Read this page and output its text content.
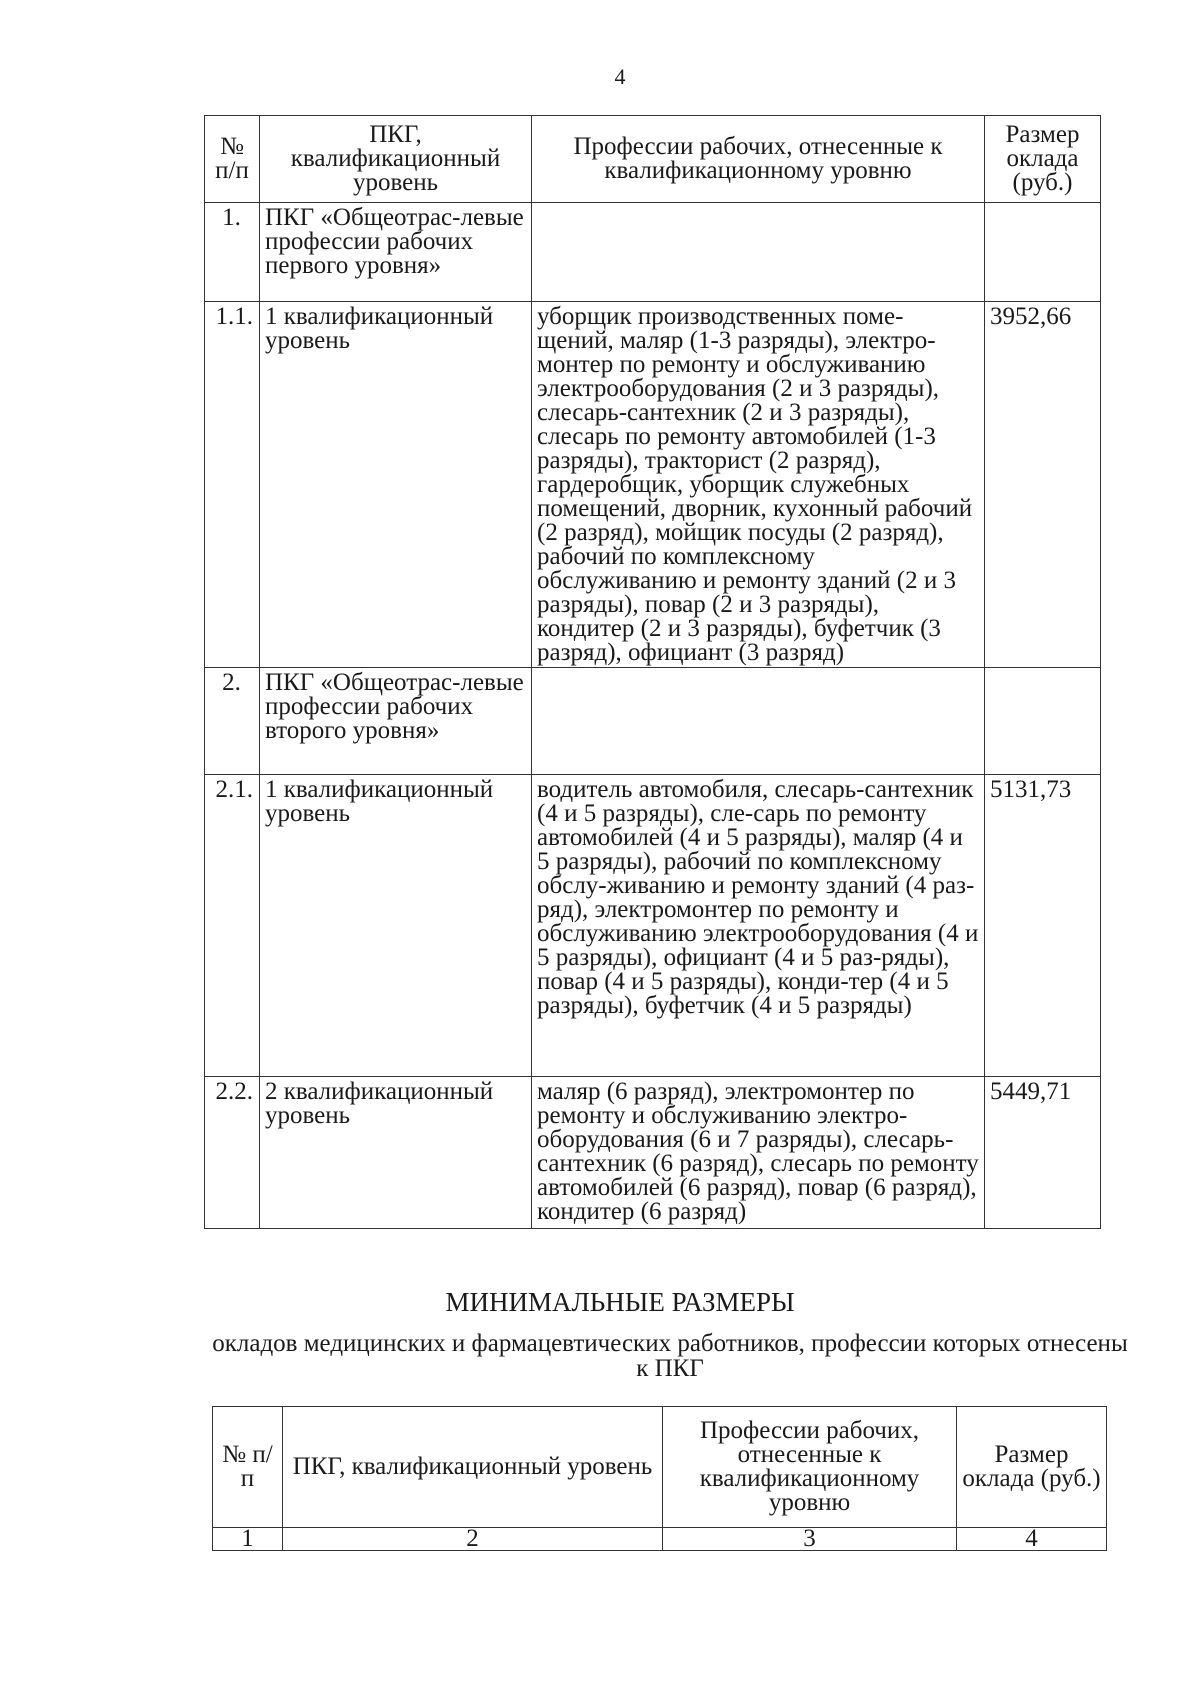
4
№ п/п	ПКГ, квалификационный уровень	Профессии рабочих, отнесенные к квалификационному уровню	Размер оклада (руб.)
1.	ПКГ «Общеотрас-левые профессии рабочих первого уровня»		
1.1.	1 квалификационный уровень	уборщик производственных поме-щений, маляр (1-3 разряды), электро-монтер по ремонту и обслуживанию электрооборудования (2 и 3 разряды), слесарь-сантехник (2 и 3 разряды), слесарь по ремонту автомобилей (1-3 разряды), тракторист (2 разряд), гардеробщик, уборщик служебных помещений, дворник, кухонный рабочий (2 разряд), мойщик посуды (2 разряд), рабочий по комплексному обслуживанию и ремонту зданий (2 и 3 разряды), повар (2 и 3 разряды), кондитер (2 и 3 разряды), буфетчик (3 разряд), официант (3 разряд)	3952,66
2.	ПКГ «Общеотрас-левые профессии рабочих второго уровня»		
2.1.	1 квалификационный уровень	водитель автомобиля, слесарь-сантехник (4 и 5 разряды), сле-сарь по ремонту автомобилей (4 и 5 разряды), маляр (4 и 5 разряды), рабочий по комплексному обслу-живанию и ремонту зданий (4 раз-ряд), электромонтер по ремонту и обслуживанию электрооборудования (4 и 5 разряды), официант (4 и 5 раз-ряды), повар (4 и 5 разряды), конди-тер (4 и 5 разряды), буфетчик (4 и 5 разряды)	5131,73
2.2.	2 квалификационный уровень	маляр (6 разряд), электромонтер по ремонту и обслуживанию электро-оборудования (6 и 7 разряды), слесарь-сантехник (6 разряд), слесарь по ремонту автомобилей (6 разряд), повар (6 разряд), кондитер (6 разряд)	5449,71
МИНИМАЛЬНЫЕ РАЗМЕРЫ
окладов медицинских и фармацевтических работников, профессии которых отнесены к ПКГ
№ п/п	ПКГ, квалификационный уровень	Профессии рабочих, отнесенные к квалификационному уровню	Размер оклада (руб.)
1	2	3	4
